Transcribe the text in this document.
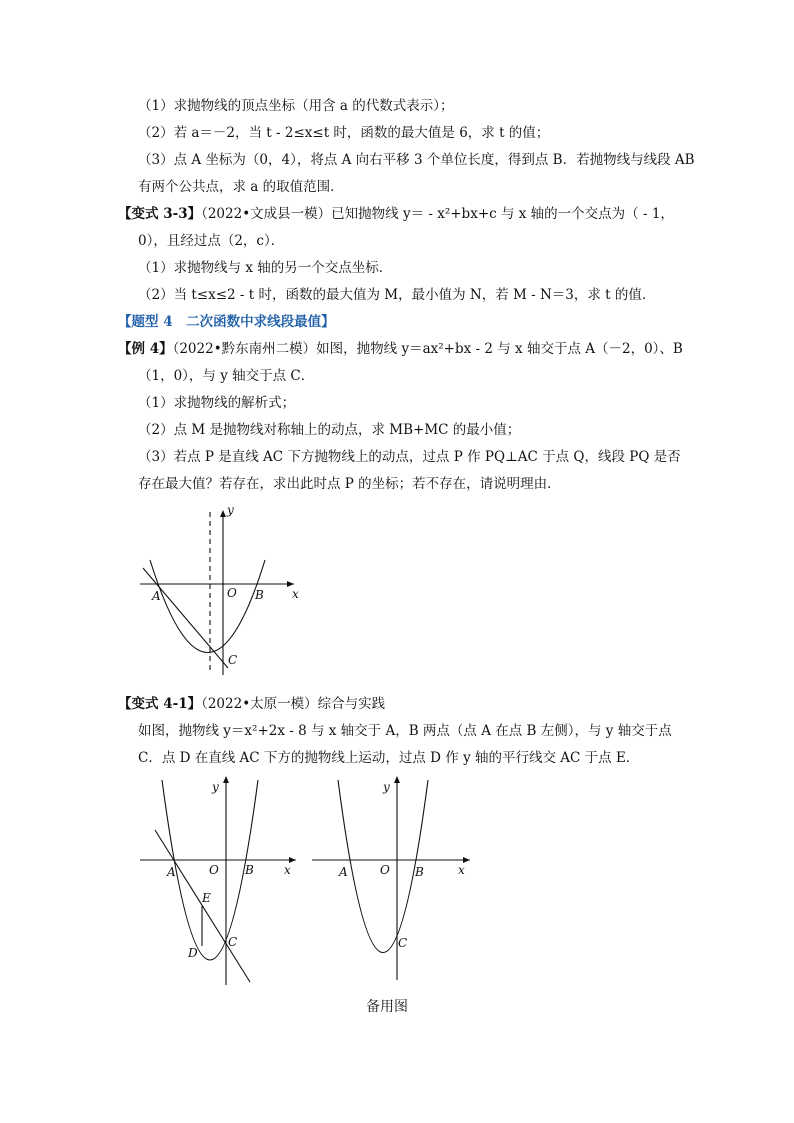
（1）求抛物线的顶点坐标（用含 a 的代数式表示）；
（2）若 a＝－2，当 t - 2≤x≤t 时，函数的最大值是 6，求 t 的值；
（3）点 A 坐标为（0，4），将点 A 向右平移 3 个单位长度，得到点 B．若抛物线与线段 AB
有两个公共点，求 a 的取值范围．
【变式 3-3】（2022•文成县一模）已知抛物线 y＝ - x²+bx+c 与 x 轴的一个交点为（ - 1，
0），且经过点（2，c）．
（1）求抛物线与 x 轴的另一个交点坐标．
（2）当 t≤x≤2 - t 时，函数的最大值为 M，最小值为 N，若 M - N＝3，求 t 的值．
【题型 4　二次函数中求线段最值】
【例 4】（2022•黔东南州二模）如图，抛物线 y＝ax²+bx - 2 与 x 轴交于点 A（－2，0）、B
（1，0），与 y 轴交于点 C．
（1）求抛物线的解析式；
（2）点 M 是抛物线对称轴上的动点，求 MB+MC 的最小值；
（3）若点 P 是直线 AC 下方抛物线上的动点，过点 P 作 PQ⊥AC 于点 Q，线段 PQ 是否
存在最大值？若存在，求出此时点 P 的坐标；若不存在，请说明理由．
y
x
A	O B
C
【变式 4-1】（2022•太原一模）综合与实践
如图，抛物线 y＝x²+2x - 8 与 x 轴交于 A，B 两点（点 A 在点 B 左侧），与 y 轴交于点
C．点 D 在直线 AC 下方的抛物线上运动，过点 D 作 y 轴的平行线交 AC 于点 E．
y
x
A	O B
C
D
E
y
x
A	O B
C
备用图
